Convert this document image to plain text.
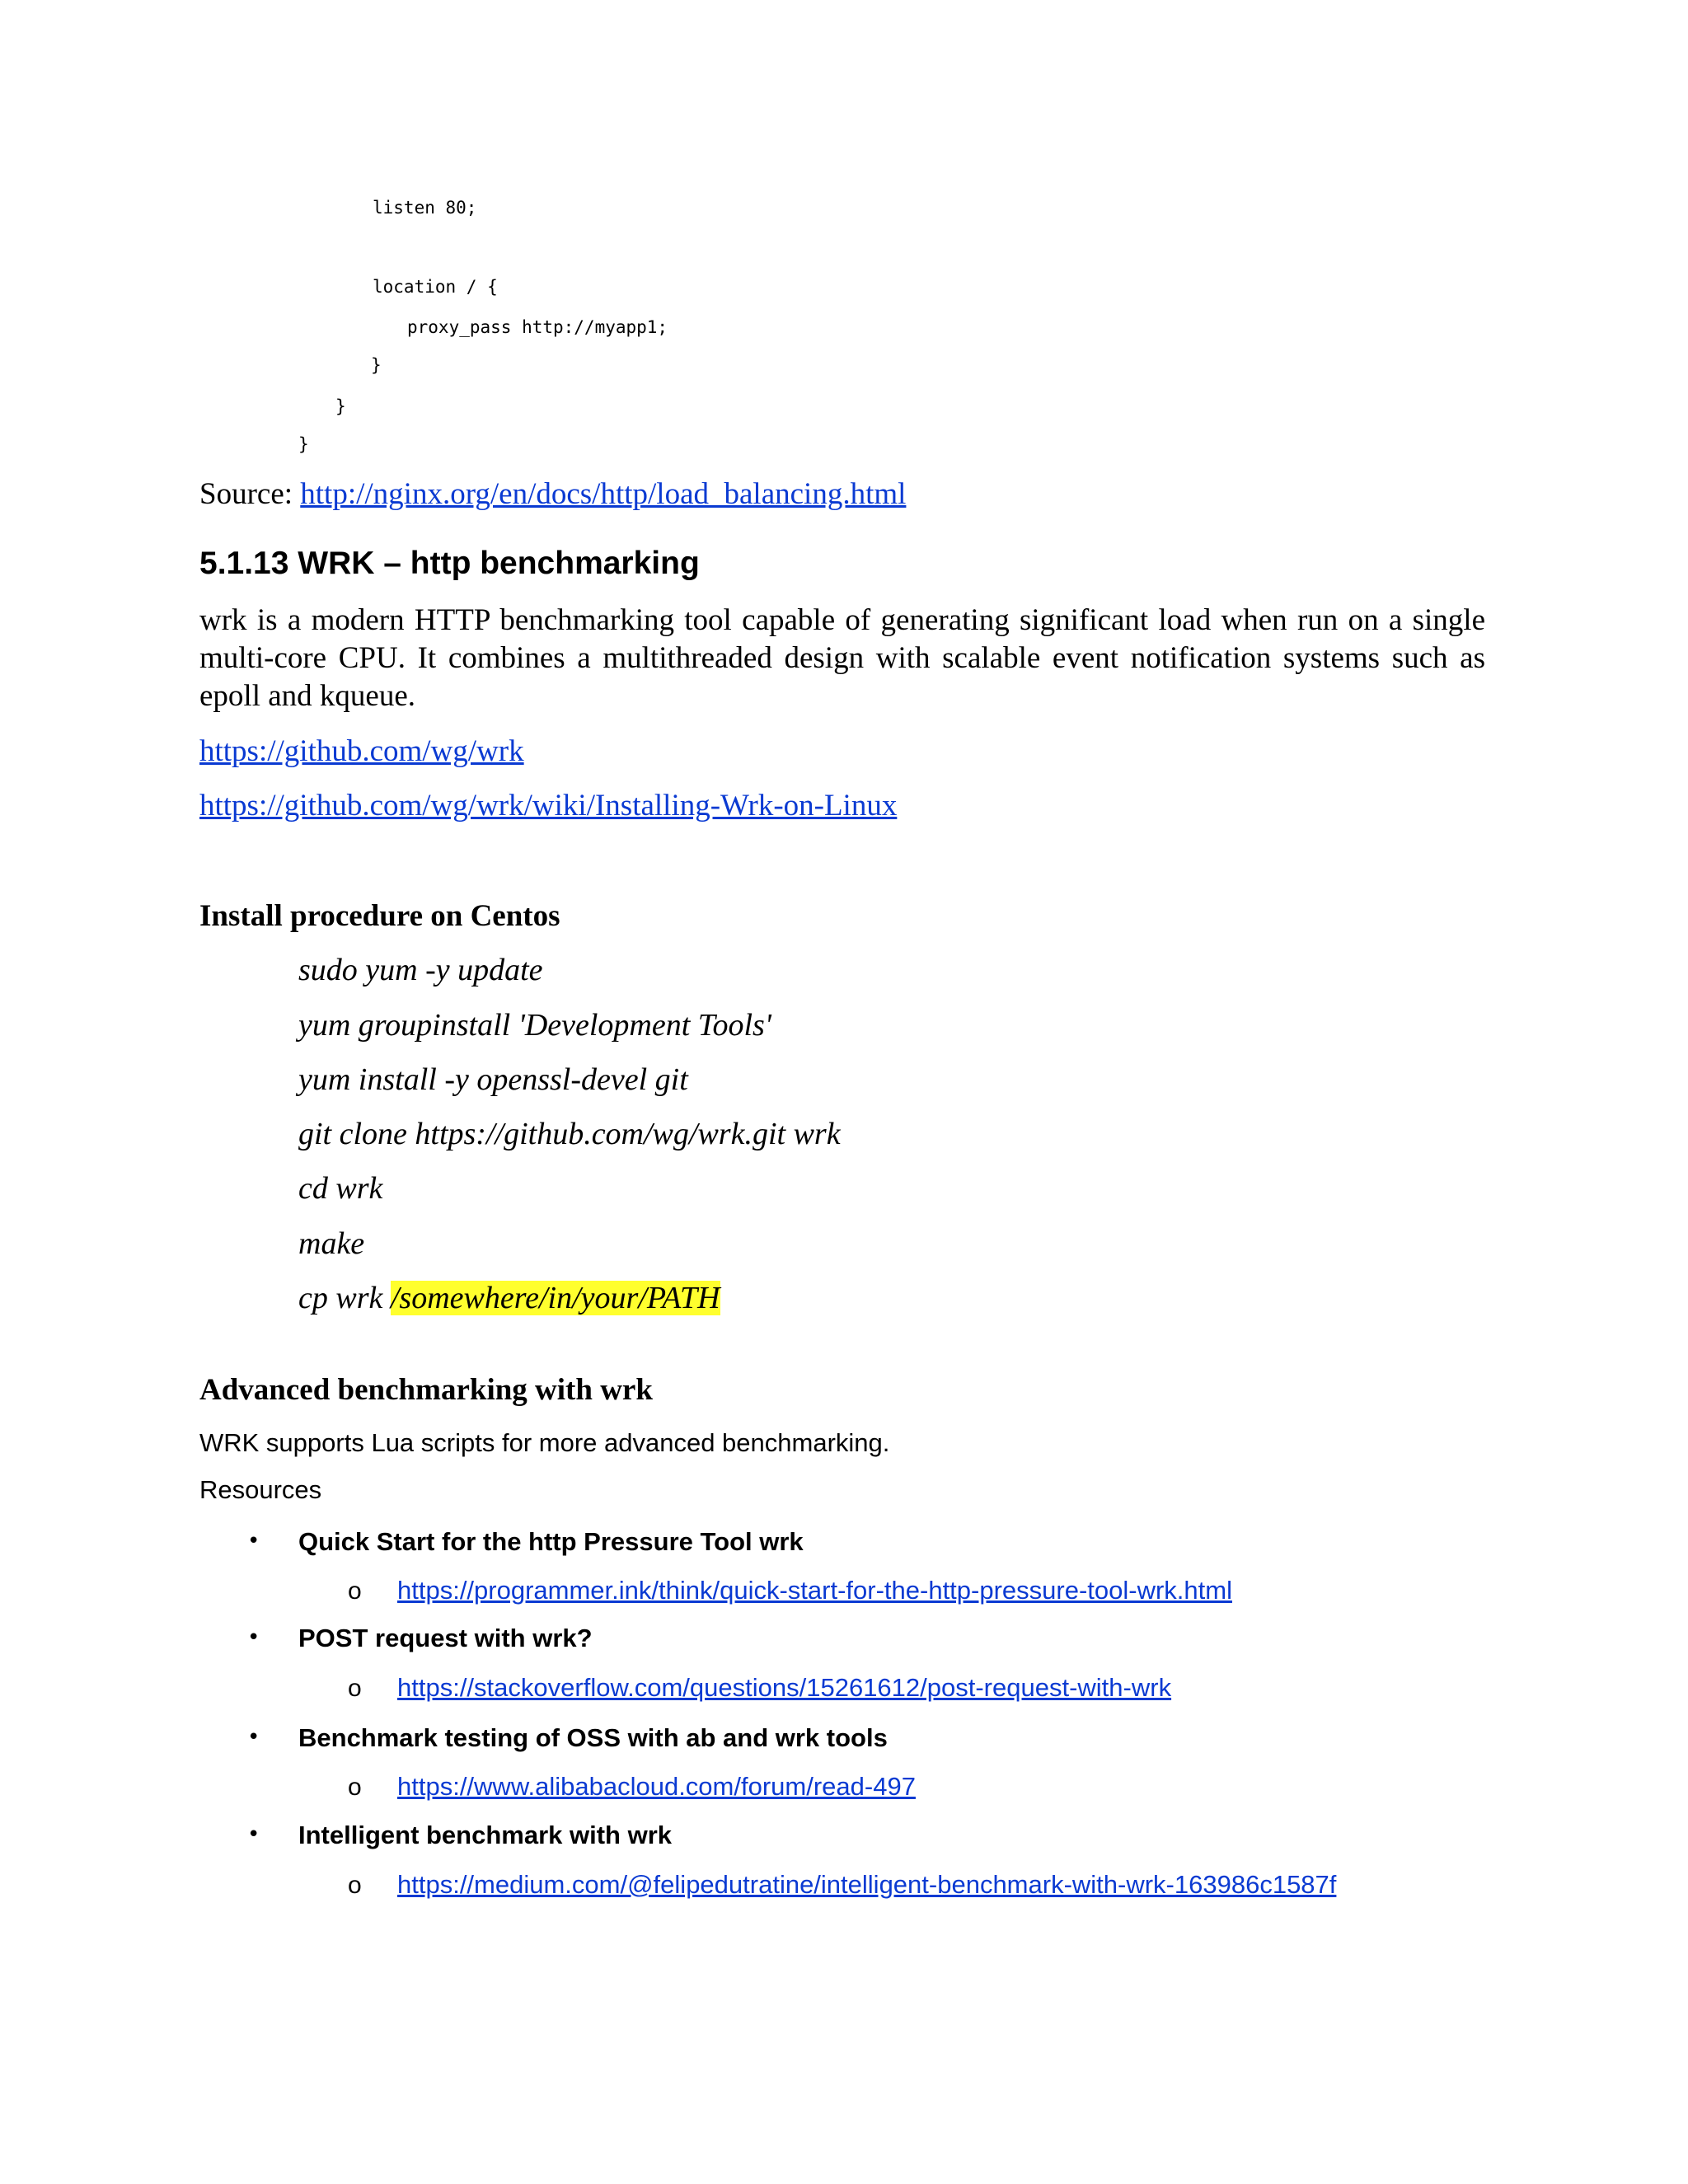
listen 80;
location / {
proxy_pass http://myapp1;
}
}
}
Source: http://nginx.org/en/docs/http/load_balancing.html
5.1.13 WRK – http benchmarking
wrk is a modern HTTP benchmarking tool capable of generating significant load when run on a single multi-core CPU. It combines a multithreaded design with scalable event notification systems such as epoll and kqueue.
https://github.com/wg/wrk
https://github.com/wg/wrk/wiki/Installing-Wrk-on-Linux
Install procedure on Centos
sudo yum -y update
yum groupinstall 'Development Tools'
yum install -y openssl-devel git
git clone https://github.com/wg/wrk.git wrk
cd wrk
make
cp wrk /somewhere/in/your/PATH
Advanced benchmarking with wrk
WRK supports Lua scripts for more advanced benchmarking.
Resources
• Quick Start for the http Pressure Tool wrk
o https://programmer.ink/think/quick-start-for-the-http-pressure-tool-wrk.html
• POST request with wrk?
o https://stackoverflow.com/questions/15261612/post-request-with-wrk
• Benchmark testing of OSS with ab and wrk tools
o https://www.alibabacloud.com/forum/read-497
• Intelligent benchmark with wrk
o https://medium.com/@felipedutratine/intelligent-benchmark-with-wrk-163986c1587f
